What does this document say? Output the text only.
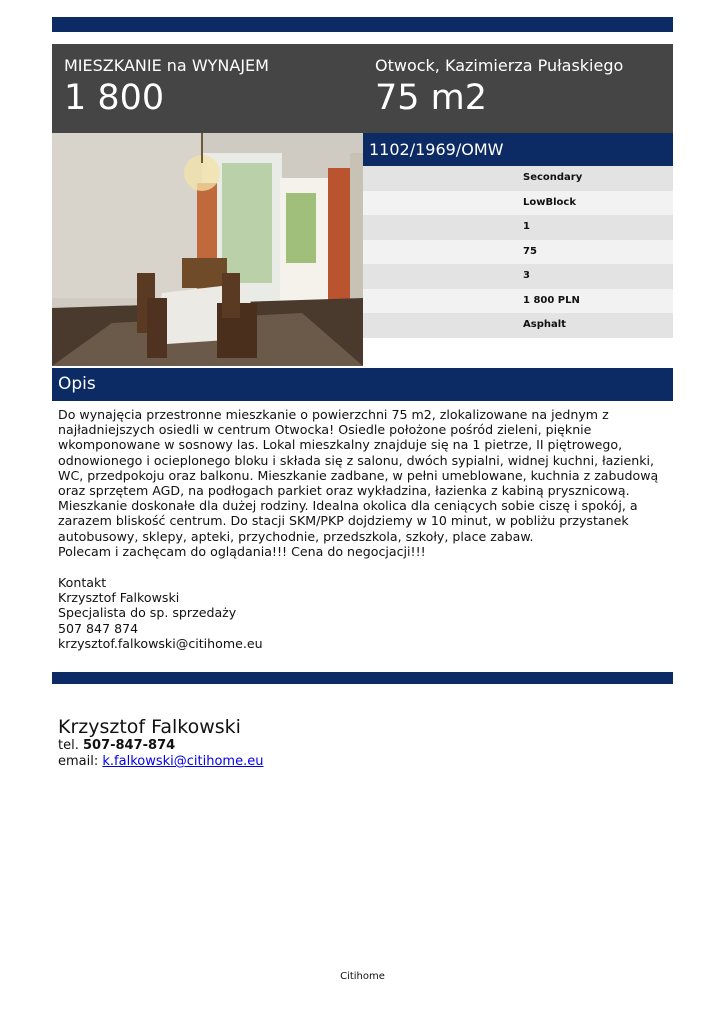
MIESZKANIE na WYNAJEM
1 800
Otwock, Kazimierza Pułaskiego
75 m2
1102/1969/OMW
Secondary
LowBlock
1
75
3
1 800 PLN
Asphalt
Opis

Do wynajęcia przestronne mieszkanie o powierzchni 75 m2, zlokalizowane na jednym z najładniejszych osiedli w centrum Otwocka! Osiedle położone pośród zieleni, pięknie wkomponowane w sosnowy las. Lokal mieszkalny znajduje się na 1 pietrze, II piętrowego, odnowionego i ocieplonego bloku i składa się z salonu, dwóch sypialni, widnej kuchni, łazienki, WC, przedpokoju oraz balkonu. Mieszkanie zadbane, w pełni umeblowane, kuchnia z zabudową oraz sprzętem AGD, na podłogach parkiet oraz wykładzina, łazienka z kabiną prysznicową. Mieszkanie doskonałe dla dużej rodziny. Idealna okolica dla ceniących sobie ciszę i spokój, a zarazem bliskość centrum. Do stacji SKM/PKP dojdziemy w 10 minut, w pobliżu przystanek autobusowy, sklepy, apteki, przychodnie, przedszkola, szkoły, place zabaw.

Polecam i zachęcam do oglądania!!! Cena do negocjacji!!!

Kontakt
Krzysztof Falkowski
Specjalista do sp. sprzedaży
507 847 874
krzysztof.falkowski@citihome.eu
Krzysztof Falkowski
tel. 507-847-874
email: k.falkowski@citihome.eu
Citihome
